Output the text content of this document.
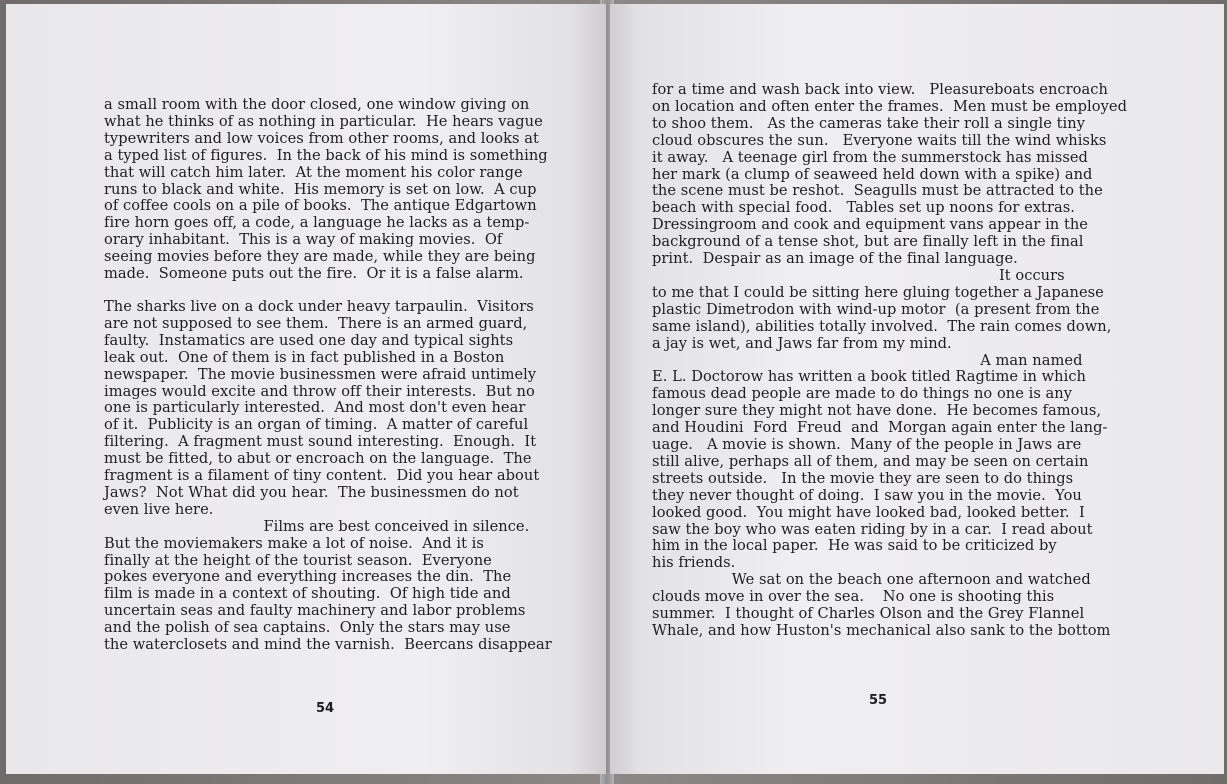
a small room with the door closed, one window giving on
what he thinks of as nothing in particular.  He hears vague
typewriters and low voices from other rooms, and looks at
a typed list of figures.  In the back of his mind is something
that will catch him later.  At the moment his color range
runs to black and white.  His memory is set on low.  A cup
of coffee cools on a pile of books.  The antique Edgartown
fire horn goes off, a code, a language he lacks as a temp-
orary inhabitant.  This is a way of making movies.  Of
seeing movies before they are made, while they are being
made.  Someone puts out the fire.  Or it is a false alarm.

The sharks live on a dock under heavy tarpaulin.  Visitors
are not supposed to see them.  There is an armed guard,
faulty.  Instamatics are used one day and typical sights
leak out.  One of them is in fact published in a Boston
newspaper.  The movie businessmen were afraid untimely
images would excite and throw off their interests.  But no
one is particularly interested.  And most don't even hear
of it.  Publicity is an organ of timing.  A matter of careful
filtering.  A fragment must sound interesting.  Enough.  It
must be fitted, to abut or encroach on the language.  The
fragment is a filament of tiny content.  Did you hear about
Jaws?  Not What did you hear.  The businessmen do not
even live here.
Films are best conceived in silence.
But the moviemakers make a lot of noise.  And it is
finally at the height of the tourist season.  Everyone
pokes everyone and everything increases the din.  The
film is made in a context of shouting.  Of high tide and
uncertain seas and faulty machinery and labor problems
and the polish of sea captains.  Only the stars may use
the waterclosets and mind the varnish.  Beercans disappear

54

for a time and wash back into view.   Pleasureboats encroach
on location and often enter the frames.  Men must be employed
to shoo them.   As the cameras take their roll a single tiny
cloud obscures the sun.   Everyone waits till the wind whisks
it away.   A teenage girl from the summerstock has missed
her mark (a clump of seaweed held down with a spike) and
the scene must be reshot.  Seagulls must be attracted to the
beach with special food.   Tables set up noons for extras.
Dressingroom and cook and equipment vans appear in the
background of a tense shot, but are finally left in the final
print.  Despair as an image of the final language.
It occurs
to me that I could be sitting here gluing together a Japanese
plastic Dimetrodon with wind-up motor  (a present from the
same island), abilities totally involved.  The rain comes down,
a jay is wet, and Jaws far from my mind.
A man named
E. L. Doctorow has written a book titled Ragtime in which
famous dead people are made to do things no one is any
longer sure they might not have done.  He becomes famous,
and Houdini  Ford  Freud  and  Morgan again enter the lang-
uage.   A movie is shown.  Many of the people in Jaws are
still alive, perhaps all of them, and may be seen on certain
streets outside.   In the movie they are seen to do things
they never thought of doing.  I saw you in the movie.  You
looked good.  You might have looked bad, looked better.  I
saw the boy who was eaten riding by in a car.  I read about
him in the local paper.  He was said to be criticized by
his friends.
We sat on the beach one afternoon and watched
clouds move in over the sea.    No one is shooting this
summer.  I thought of Charles Olson and the Grey Flannel
Whale, and how Huston's mechanical also sank to the bottom

55
